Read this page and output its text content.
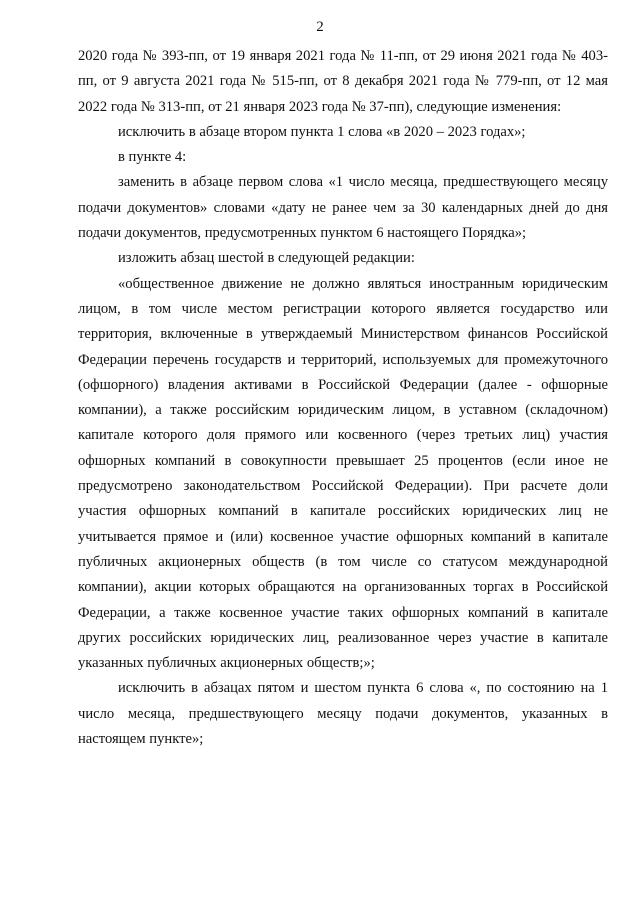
2

2020 года № 393-пп, от 19 января 2021 года № 11-пп, от 29 июня 2021 года № 403-пп, от 9 августа 2021 года № 515-пп, от 8 декабря 2021 года № 779-пп, от 12 мая 2022 года № 313-пп, от 21 января 2023 года № 37-пп), следующие изменения:

исключить в абзаце втором пункта 1 слова «в 2020 – 2023 годах»;

в пункте 4:

заменить в абзаце первом слова «1 число месяца, предшествующего месяцу подачи документов» словами «дату не ранее чем за 30 календарных дней до дня подачи документов, предусмотренных пунктом 6 настоящего Порядка»;

изложить абзац шестой в следующей редакции:

«общественное движение не должно являться иностранным юридическим лицом, в том числе местом регистрации которого является государство или территория, включенные в утверждаемый Министерством финансов Российской Федерации перечень государств и территорий, используемых для промежуточного (офшорного) владения активами в Российской Федерации (далее - офшорные компании), а также российским юридическим лицом, в уставном (складочном) капитале которого доля прямого или косвенного (через третьих лиц) участия офшорных компаний в совокупности превышает 25 процентов (если иное не предусмотрено законодательством Российской Федерации). При расчете доли участия офшорных компаний в капитале российских юридических лиц не учитывается прямое и (или) косвенное участие офшорных компаний в капитале публичных акционерных обществ (в том числе со статусом международной компании), акции которых обращаются на организованных торгах в Российской Федерации, а также косвенное участие таких офшорных компаний в капитале других российских юридических лиц, реализованное через участие в капитале указанных публичных акционерных обществ;»;

исключить в абзацах пятом и шестом пункта 6 слова «, по состоянию на 1 число месяца, предшествующего месяцу подачи документов, указанных в настоящем пункте»;
